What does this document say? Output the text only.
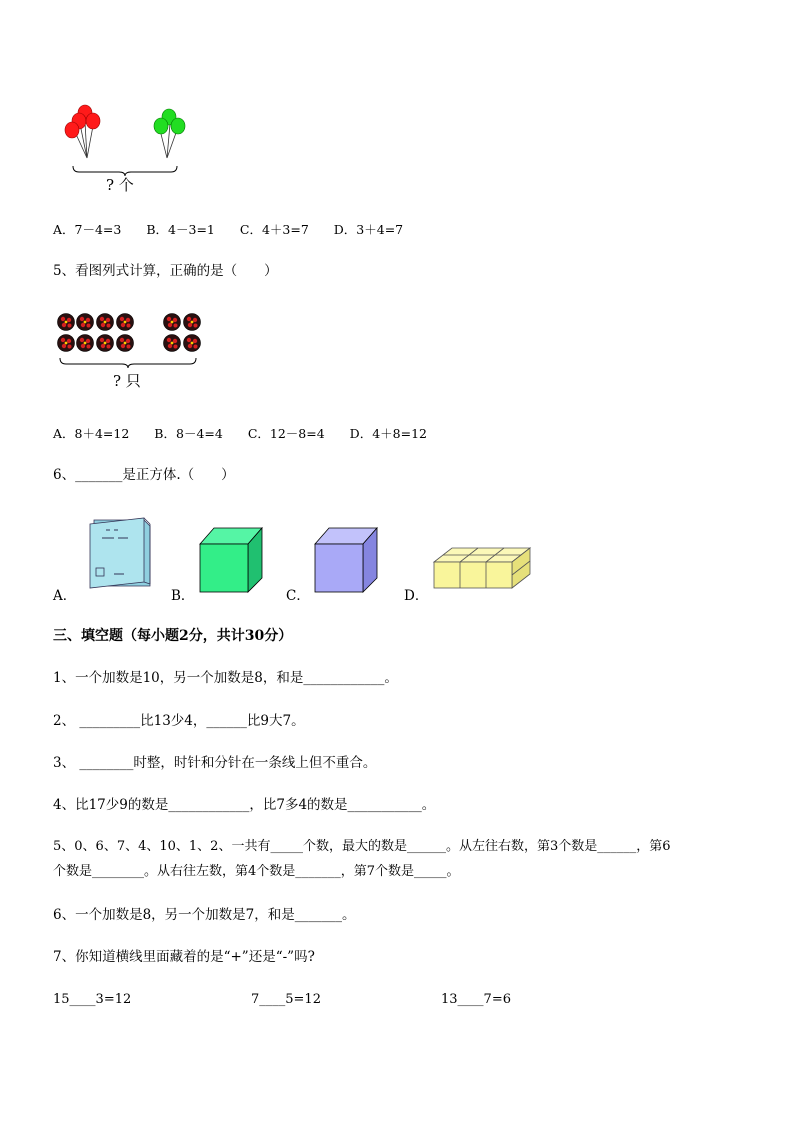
? 个
A．7－4=3　　B．4－3=1　　C．4＋3=7　　D．3＋4=7
5、看图列式计算，正确的是（　　）
? 只
A．8＋4=12　　B．8－4=4　　C．12－8=4　　D．4＋8=12
6、_______是正方体.（　　）
A．	B．	C．	D．
三、填空题（每小题2分，共计30分）
1、一个加数是10，另一个加数是8，和是____________。
2、 _________比13少4，______比9大7。
3、 ________时整，时针和分针在一条线上但不重合。
4、比17少9的数是____________，比7多4的数是___________。
5、0、6、7、4、10、1、2、一共有_____个数，最大的数是______。从左往右数，第3个数是______，第6
个数是________。从右往左数，第4个数是_______，第7个数是_____。
6、一个加数是8，另一个加数是7，和是_______。
7、你知道横线里面藏着的是“+”还是“-”吗?
15____3=12	7____5=12	13____7=6
